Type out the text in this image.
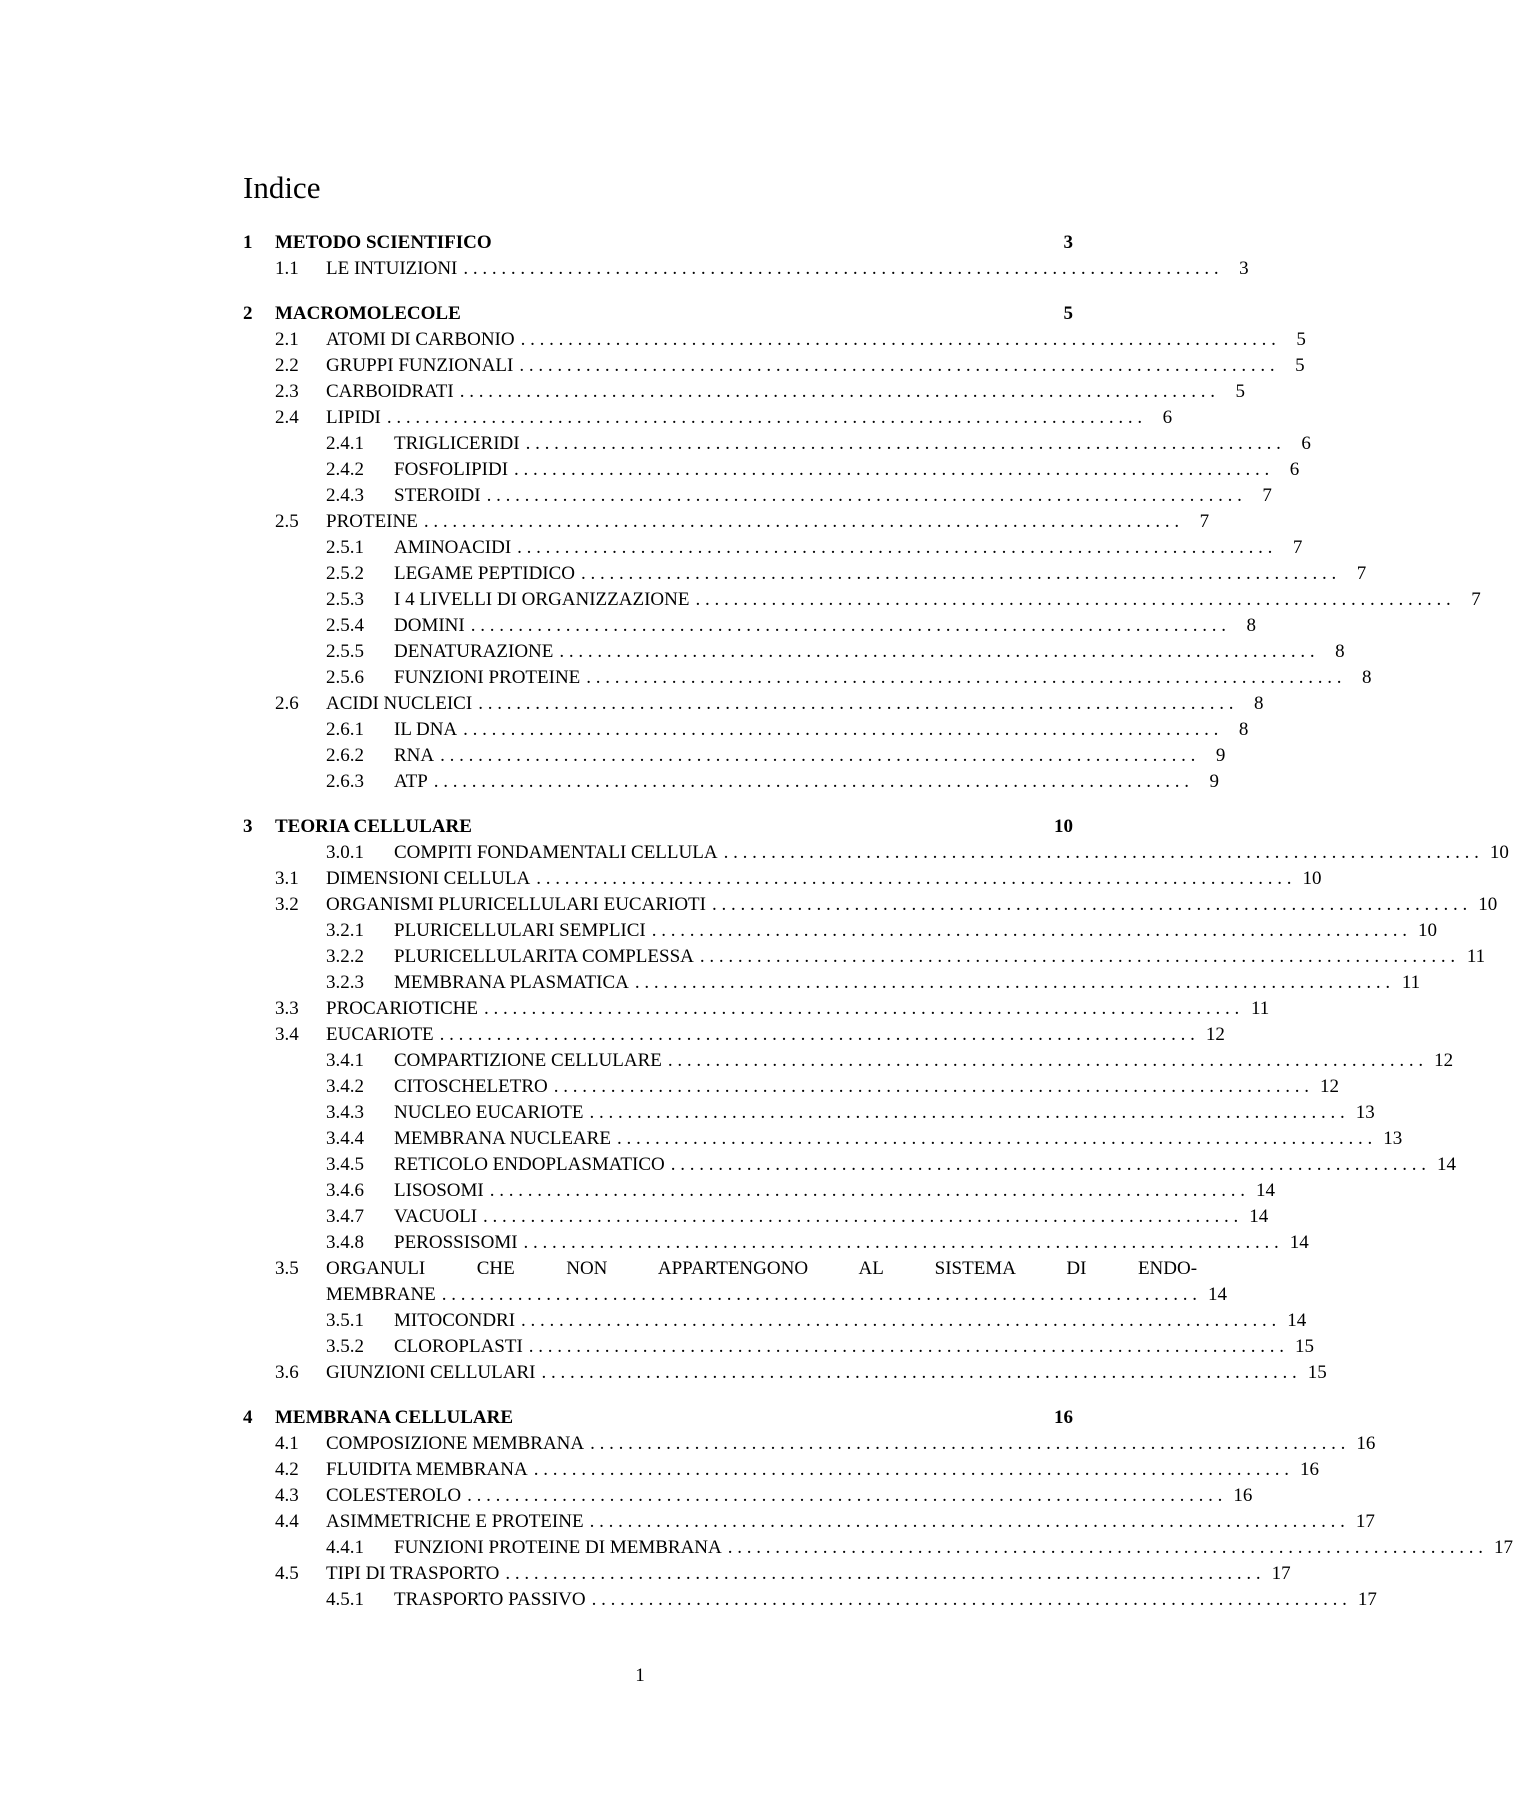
Indice
1	METODO SCIENTIFICO	3
1.1	LE INTUIZIONI . . . . . . . . . . . . . . . . . . . . . . . . . . . . . . . . . . . . . . . . . . . . . . . . . . . . . . . . . . . . . . . . . . . . . . . . . . . . . . . .	3
2	MACROMOLECOLE	5
2.1	ATOMI DI CARBONIO . . . . . . . . . . . . . . . . . . . . . . . . . . . . . . . . . . . . . . . . . . . . . . . . . . . . . . . . . . . . . . . . . . . . . . . . . . . . . . . .	5
2.2	GRUPPI FUNZIONALI . . . . . . . . . . . . . . . . . . . . . . . . . . . . . . . . . . . . . . . . . . . . . . . . . . . . . . . . . . . . . . . . . . . . . . . . . . . . . . . .	5
2.3	CARBOIDRATI . . . . . . . . . . . . . . . . . . . . . . . . . . . . . . . . . . . . . . . . . . . . . . . . . . . . . . . . . . . . . . . . . . . . . . . . . . . . . . . .	5
2.4	LIPIDI . . . . . . . . . . . . . . . . . . . . . . . . . . . . . . . . . . . . . . . . . . . . . . . . . . . . . . . . . . . . . . . . . . . . . . . . . . . . . . . .	6
2.4.1	TRIGLICERIDI . . . . . . . . . . . . . . . . . . . . . . . . . . . . . . . . . . . . . . . . . . . . . . . . . . . . . . . . . . . . . . . . . . . . . . . . . . . . . . . .	6
2.4.2	FOSFOLIPIDI . . . . . . . . . . . . . . . . . . . . . . . . . . . . . . . . . . . . . . . . . . . . . . . . . . . . . . . . . . . . . . . . . . . . . . . . . . . . . . . .	6
2.4.3	STEROIDI . . . . . . . . . . . . . . . . . . . . . . . . . . . . . . . . . . . . . . . . . . . . . . . . . . . . . . . . . . . . . . . . . . . . . . . . . . . . . . . .	7
2.5	PROTEINE . . . . . . . . . . . . . . . . . . . . . . . . . . . . . . . . . . . . . . . . . . . . . . . . . . . . . . . . . . . . . . . . . . . . . . . . . . . . . . . .	7
2.5.1	AMINOACIDI . . . . . . . . . . . . . . . . . . . . . . . . . . . . . . . . . . . . . . . . . . . . . . . . . . . . . . . . . . . . . . . . . . . . . . . . . . . . . . . .	7
2.5.2	LEGAME PEPTIDICO . . . . . . . . . . . . . . . . . . . . . . . . . . . . . . . . . . . . . . . . . . . . . . . . . . . . . . . . . . . . . . . . . . . . . . . . . . . . . . . .	7
2.5.3	I 4 LIVELLI DI ORGANIZZAZIONE . . . . . . . . . . . . . . . . . . . . . . . . . . . . . . . . . . . . . . . . . . . . . . . . . . . . . . . . . . . . . . . . . . . . . . . . . . . . . . . .	7
2.5.4	DOMINI . . . . . . . . . . . . . . . . . . . . . . . . . . . . . . . . . . . . . . . . . . . . . . . . . . . . . . . . . . . . . . . . . . . . . . . . . . . . . . . .	8
2.5.5	DENATURAZIONE . . . . . . . . . . . . . . . . . . . . . . . . . . . . . . . . . . . . . . . . . . . . . . . . . . . . . . . . . . . . . . . . . . . . . . . . . . . . . . . .	8
2.5.6	FUNZIONI PROTEINE . . . . . . . . . . . . . . . . . . . . . . . . . . . . . . . . . . . . . . . . . . . . . . . . . . . . . . . . . . . . . . . . . . . . . . . . . . . . . . . .	8
2.6	ACIDI NUCLEICI . . . . . . . . . . . . . . . . . . . . . . . . . . . . . . . . . . . . . . . . . . . . . . . . . . . . . . . . . . . . . . . . . . . . . . . . . . . . . . . .	8
2.6.1	IL DNA . . . . . . . . . . . . . . . . . . . . . . . . . . . . . . . . . . . . . . . . . . . . . . . . . . . . . . . . . . . . . . . . . . . . . . . . . . . . . . . .	8
2.6.2	RNA . . . . . . . . . . . . . . . . . . . . . . . . . . . . . . . . . . . . . . . . . . . . . . . . . . . . . . . . . . . . . . . . . . . . . . . . . . . . . . . .	9
2.6.3	ATP . . . . . . . . . . . . . . . . . . . . . . . . . . . . . . . . . . . . . . . . . . . . . . . . . . . . . . . . . . . . . . . . . . . . . . . . . . . . . . . .	9
3	TEORIA CELLULARE	10
3.0.1	COMPITI FONDAMENTALI CELLULA . . . . . . . . . . . . . . . . . . . . . . . . . . . . . . . . . . . . . . . . . . . . . . . . . . . . . . . . . . . . . . . . . . . . . . . . . . . . . . . . 10
3.1	DIMENSIONI CELLULA . . . . . . . . . . . . . . . . . . . . . . . . . . . . . . . . . . . . . . . . . . . . . . . . . . . . . . . . . . . . . . . . . . . . . . . . . . . . . . . . 10
3.2	ORGANISMI PLURICELLULARI EUCARIOTI . . . . . . . . . . . . . . . . . . . . . . . . . . . . . . . . . . . . . . . . . . . . . . . . . . . . . . . . . . . . . . . . . . . . . . . . . . . . . . . . 10
3.2.1	PLURICELLULARI SEMPLICI . . . . . . . . . . . . . . . . . . . . . . . . . . . . . . . . . . . . . . . . . . . . . . . . . . . . . . . . . . . . . . . . . . . . . . . . . . . . . . . . 10
3.2.2	PLURICELLULARITA COMPLESSA . . . . . . . . . . . . . . . . . . . . . . . . . . . . . . . . . . . . . . . . . . . . . . . . . . . . . . . . . . . . . . . . . . . . . . . . . . . . . . . . 11
3.2.3	MEMBRANA PLASMATICA . . . . . . . . . . . . . . . . . . . . . . . . . . . . . . . . . . . . . . . . . . . . . . . . . . . . . . . . . . . . . . . . . . . . . . . . . . . . . . . . 11
3.3	PROCARIOTICHE . . . . . . . . . . . . . . . . . . . . . . . . . . . . . . . . . . . . . . . . . . . . . . . . . . . . . . . . . . . . . . . . . . . . . . . . . . . . . . . . 11
3.4	EUCARIOTE . . . . . . . . . . . . . . . . . . . . . . . . . . . . . . . . . . . . . . . . . . . . . . . . . . . . . . . . . . . . . . . . . . . . . . . . . . . . . . . . 12
3.4.1	COMPARTIZIONE CELLULARE . . . . . . . . . . . . . . . . . . . . . . . . . . . . . . . . . . . . . . . . . . . . . . . . . . . . . . . . . . . . . . . . . . . . . . . . . . . . . . . . 12
3.4.2	CITOSCHELETRO . . . . . . . . . . . . . . . . . . . . . . . . . . . . . . . . . . . . . . . . . . . . . . . . . . . . . . . . . . . . . . . . . . . . . . . . . . . . . . . . 12
3.4.3	NUCLEO EUCARIOTE . . . . . . . . . . . . . . . . . . . . . . . . . . . . . . . . . . . . . . . . . . . . . . . . . . . . . . . . . . . . . . . . . . . . . . . . . . . . . . . . 13
3.4.4	MEMBRANA NUCLEARE . . . . . . . . . . . . . . . . . . . . . . . . . . . . . . . . . . . . . . . . . . . . . . . . . . . . . . . . . . . . . . . . . . . . . . . . . . . . . . . . 13
3.4.5	RETICOLO ENDOPLASMATICO . . . . . . . . . . . . . . . . . . . . . . . . . . . . . . . . . . . . . . . . . . . . . . . . . . . . . . . . . . . . . . . . . . . . . . . . . . . . . . . . 14
3.4.6	LISOSOMI . . . . . . . . . . . . . . . . . . . . . . . . . . . . . . . . . . . . . . . . . . . . . . . . . . . . . . . . . . . . . . . . . . . . . . . . . . . . . . . . 14
3.4.7	VACUOLI . . . . . . . . . . . . . . . . . . . . . . . . . . . . . . . . . . . . . . . . . . . . . . . . . . . . . . . . . . . . . . . . . . . . . . . . . . . . . . . . 14
3.4.8	PEROSSISOMI . . . . . . . . . . . . . . . . . . . . . . . . . . . . . . . . . . . . . . . . . . . . . . . . . . . . . . . . . . . . . . . . . . . . . . . . . . . . . . . . 14
3.5	ORGANULI CHE NON APPARTENGONO AL SISTEMA DI ENDO-
MEMBRANE . . . . . . . . . . . . . . . . . . . . . . . . . . . . . . . . . . . . . . . . . . . . . . . . . . . . . . . . . . . . . . . . . . . . . . . . . . . . . . . . 14
3.5.1	MITOCONDRI . . . . . . . . . . . . . . . . . . . . . . . . . . . . . . . . . . . . . . . . . . . . . . . . . . . . . . . . . . . . . . . . . . . . . . . . . . . . . . . . 14
3.5.2	CLOROPLASTI . . . . . . . . . . . . . . . . . . . . . . . . . . . . . . . . . . . . . . . . . . . . . . . . . . . . . . . . . . . . . . . . . . . . . . . . . . . . . . . . 15
3.6	GIUNZIONI CELLULARI . . . . . . . . . . . . . . . . . . . . . . . . . . . . . . . . . . . . . . . . . . . . . . . . . . . . . . . . . . . . . . . . . . . . . . . . . . . . . . . . 15
4	MEMBRANA CELLULARE	16
4.1	COMPOSIZIONE MEMBRANA . . . . . . . . . . . . . . . . . . . . . . . . . . . . . . . . . . . . . . . . . . . . . . . . . . . . . . . . . . . . . . . . . . . . . . . . . . . . . . . . 16
4.2	FLUIDITA MEMBRANA . . . . . . . . . . . . . . . . . . . . . . . . . . . . . . . . . . . . . . . . . . . . . . . . . . . . . . . . . . . . . . . . . . . . . . . . . . . . . . . . 16
4.3	COLESTEROLO . . . . . . . . . . . . . . . . . . . . . . . . . . . . . . . . . . . . . . . . . . . . . . . . . . . . . . . . . . . . . . . . . . . . . . . . . . . . . . . . 16
4.4	ASIMMETRICHE E PROTEINE . . . . . . . . . . . . . . . . . . . . . . . . . . . . . . . . . . . . . . . . . . . . . . . . . . . . . . . . . . . . . . . . . . . . . . . . . . . . . . . . 17
4.4.1	FUNZIONI PROTEINE DI MEMBRANA . . . . . . . . . . . . . . . . . . . . . . . . . . . . . . . . . . . . . . . . . . . . . . . . . . . . . . . . . . . . . . . . . . . . . . . . . . . . . . . . 17
4.5	TIPI DI TRASPORTO . . . . . . . . . . . . . . . . . . . . . . . . . . . . . . . . . . . . . . . . . . . . . . . . . . . . . . . . . . . . . . . . . . . . . . . . . . . . . . . . 17
4.5.1	TRASPORTO PASSIVO . . . . . . . . . . . . . . . . . . . . . . . . . . . . . . . . . . . . . . . . . . . . . . . . . . . . . . . . . . . . . . . . . . . . . . . . . . . . . . . . 17
1
